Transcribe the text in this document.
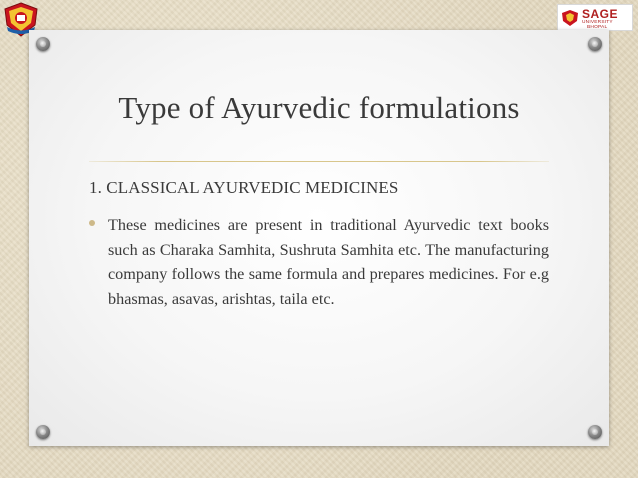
SAGE
UNIVERSITY
BHOPAL
Type of Ayurvedic formulations
1. CLASSICAL AYURVEDIC MEDICINES
These medicines are present in traditional Ayurvedic text books such as Charaka Samhita, Sushruta Samhita etc. The manufacturing company follows the same formula and prepares medicines. For e.g bhasmas, asavas, arishtas, taila etc.
